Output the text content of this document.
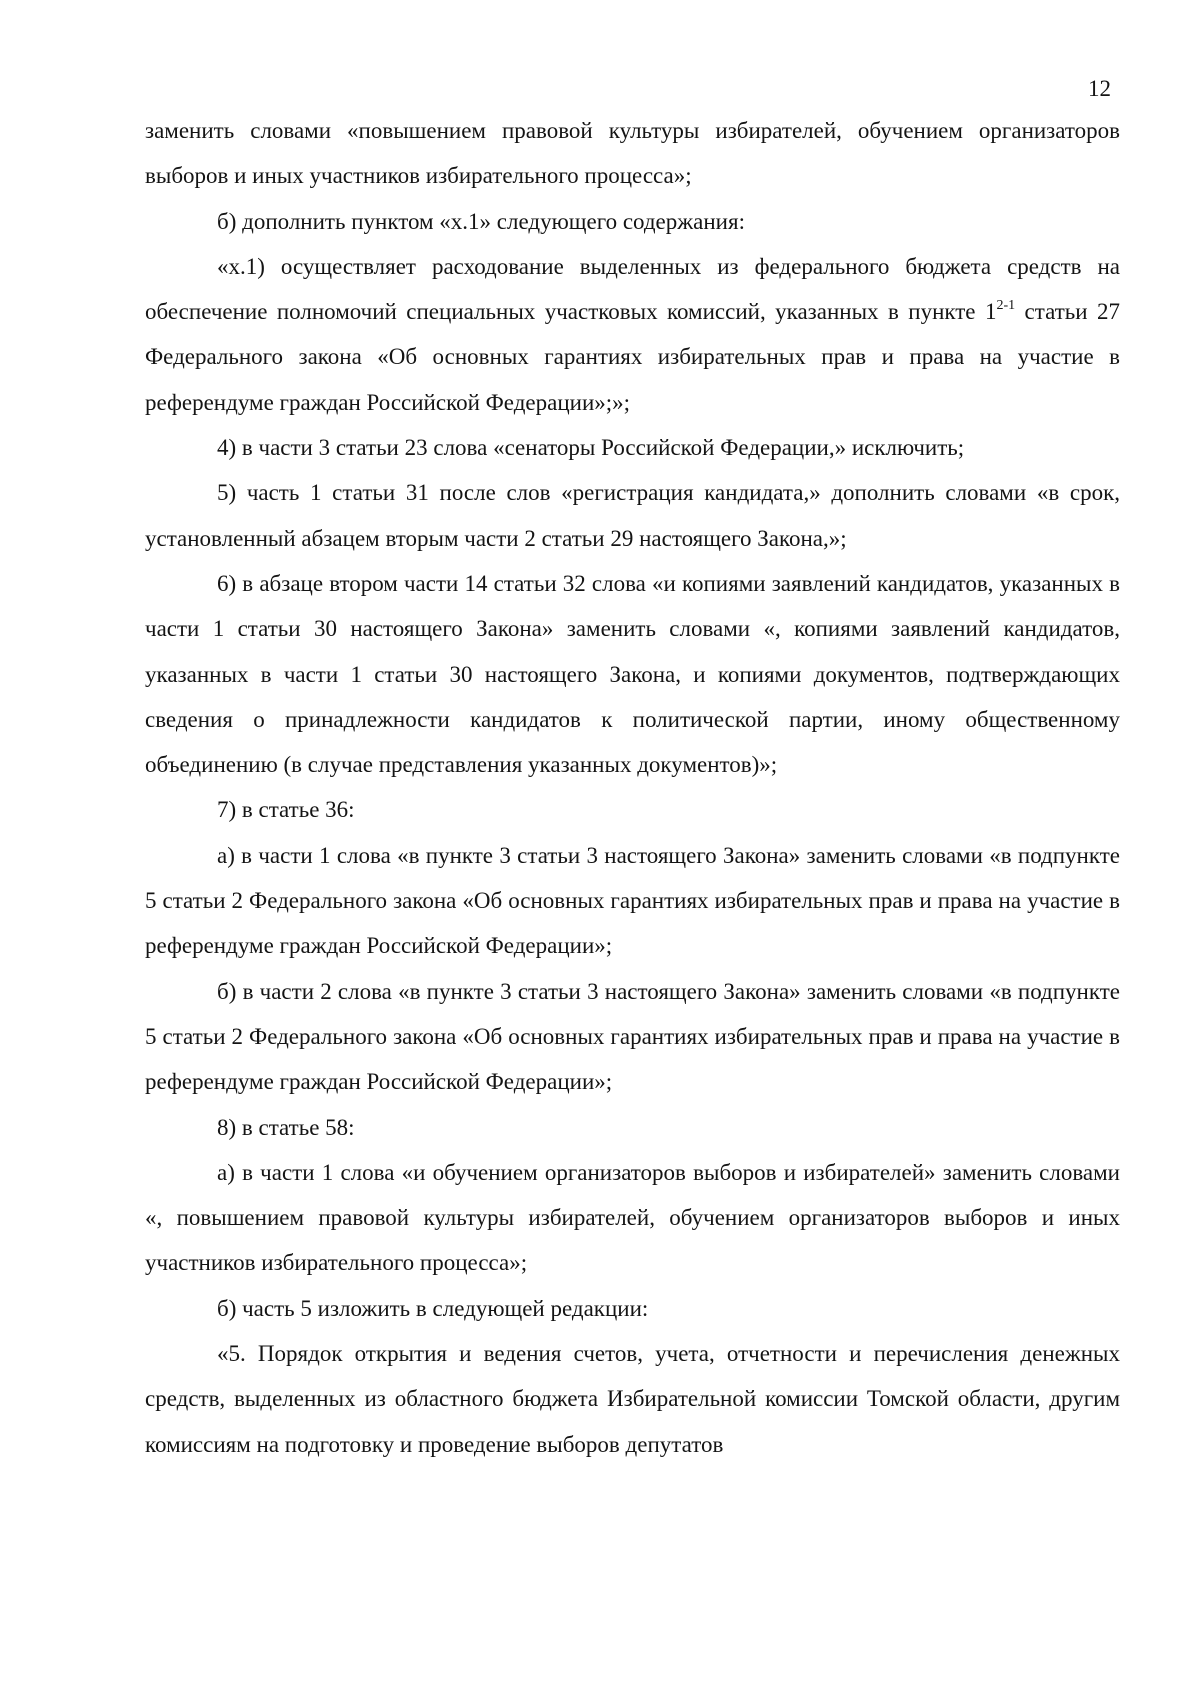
12

заменить словами «повышением правовой культуры избирателей, обучением организаторов выборов и иных участников избирательного процесса»;

б) дополнить пунктом «х.1» следующего содержания:

«х.1) осуществляет расходование выделенных из федерального бюджета средств на обеспечение полномочий специальных участковых комиссий, указанных в пункте 1$^{2-1}$ статьи 27 Федерального закона «Об основных гарантиях избирательных прав и права на участие в референдуме граждан Российской Федерации»;»;

4) в части 3 статьи 23 слова «сенаторы Российской Федерации,» исключить;

5) часть 1 статьи 31 после слов «регистрация кандидата,» дополнить словами «в срок, установленный абзацем вторым части 2 статьи 29 настоящего Закона,»;

6) в абзаце втором части 14 статьи 32 слова «и копиями заявлений кандидатов, указанных в части 1 статьи 30 настоящего Закона» заменить словами «, копиями заявлений кандидатов, указанных в части 1 статьи 30 настоящего Закона, и копиями документов, подтверждающих сведения о принадлежности кандидатов к политической партии, иному общественному объединению (в случае представления указанных документов)»;

7) в статье 36:

а) в части 1 слова «в пункте 3 статьи 3 настоящего Закона» заменить словами «в подпункте 5 статьи 2 Федерального закона «Об основных гарантиях избирательных прав и права на участие в референдуме граждан Российской Федерации»;

б) в части 2 слова «в пункте 3 статьи 3 настоящего Закона» заменить словами «в подпункте 5 статьи 2 Федерального закона «Об основных гарантиях избирательных прав и права на участие в референдуме граждан Российской Федерации»;

8) в статье 58:

а) в части 1 слова «и обучением организаторов выборов и избирателей» заменить словами «, повышением правовой культуры избирателей, обучением организаторов выборов и иных участников избирательного процесса»;

б) часть 5 изложить в следующей редакции:

«5. Порядок открытия и ведения счетов, учета, отчетности и перечисления денежных средств, выделенных из областного бюджета Избирательной комиссии Томской области, другим комиссиям на подготовку и проведение выборов депутатов
